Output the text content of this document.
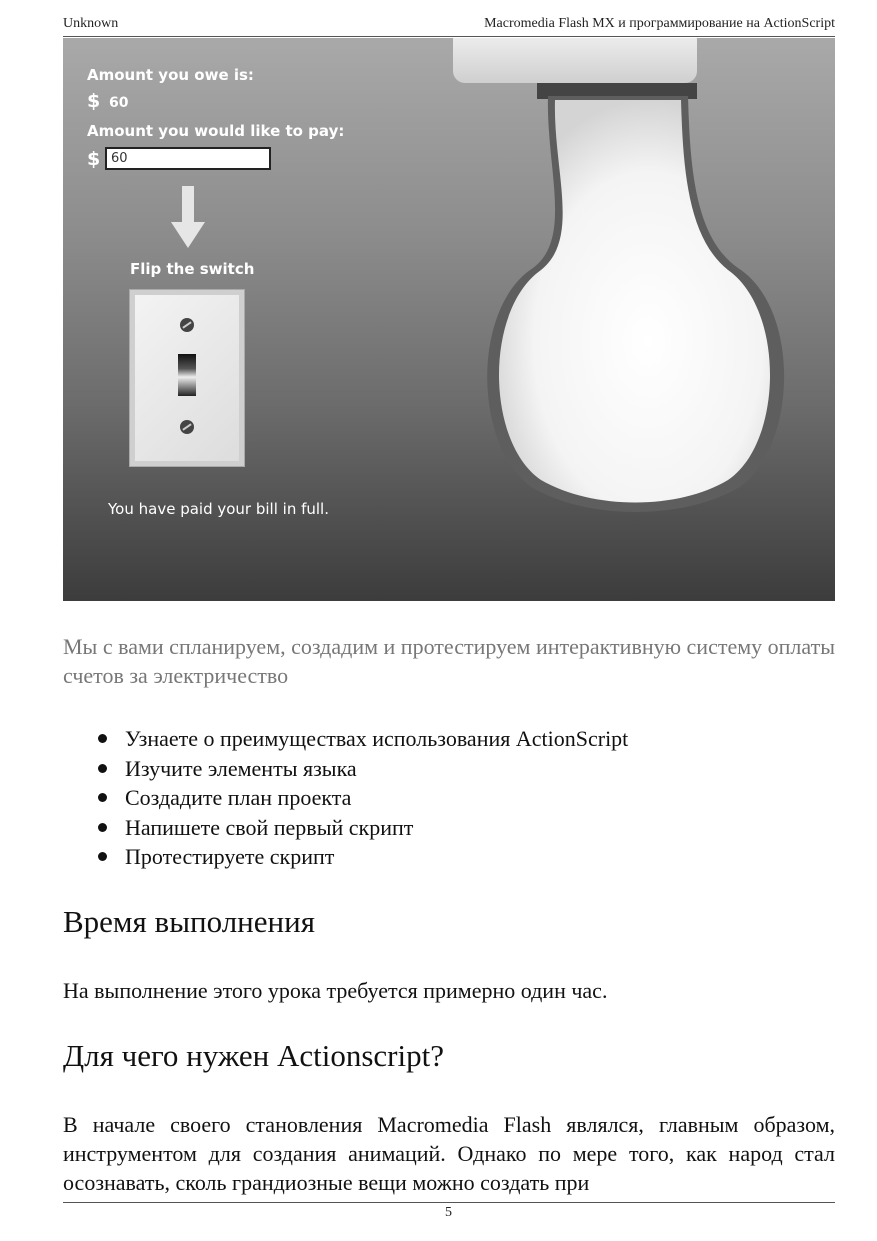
Unknown	Macromedia Flash MX и программирование на ActionScript
Amount you owe is:
$ 60
Amount you would like to pay:
$ 60
Flip the switch
You have paid your bill in full.
Мы с вами спланируем, создадим и протестируем интерактивную систему оплаты счетов за электричество
Узнаете о преимуществах использования ActionScript
Изучите элементы языка
Создадите план проекта
Напишете свой первый скрипт
Протестируете скрипт
Время выполнения
На выполнение этого урока требуется примерно один час.
Для чего нужен Actionscript?
В начале своего становления Macromedia Flash являлся, главным образом, инструментом для создания анимаций. Однако по мере того, как народ стал осознавать, сколь грандиозные вещи можно создать при
5
